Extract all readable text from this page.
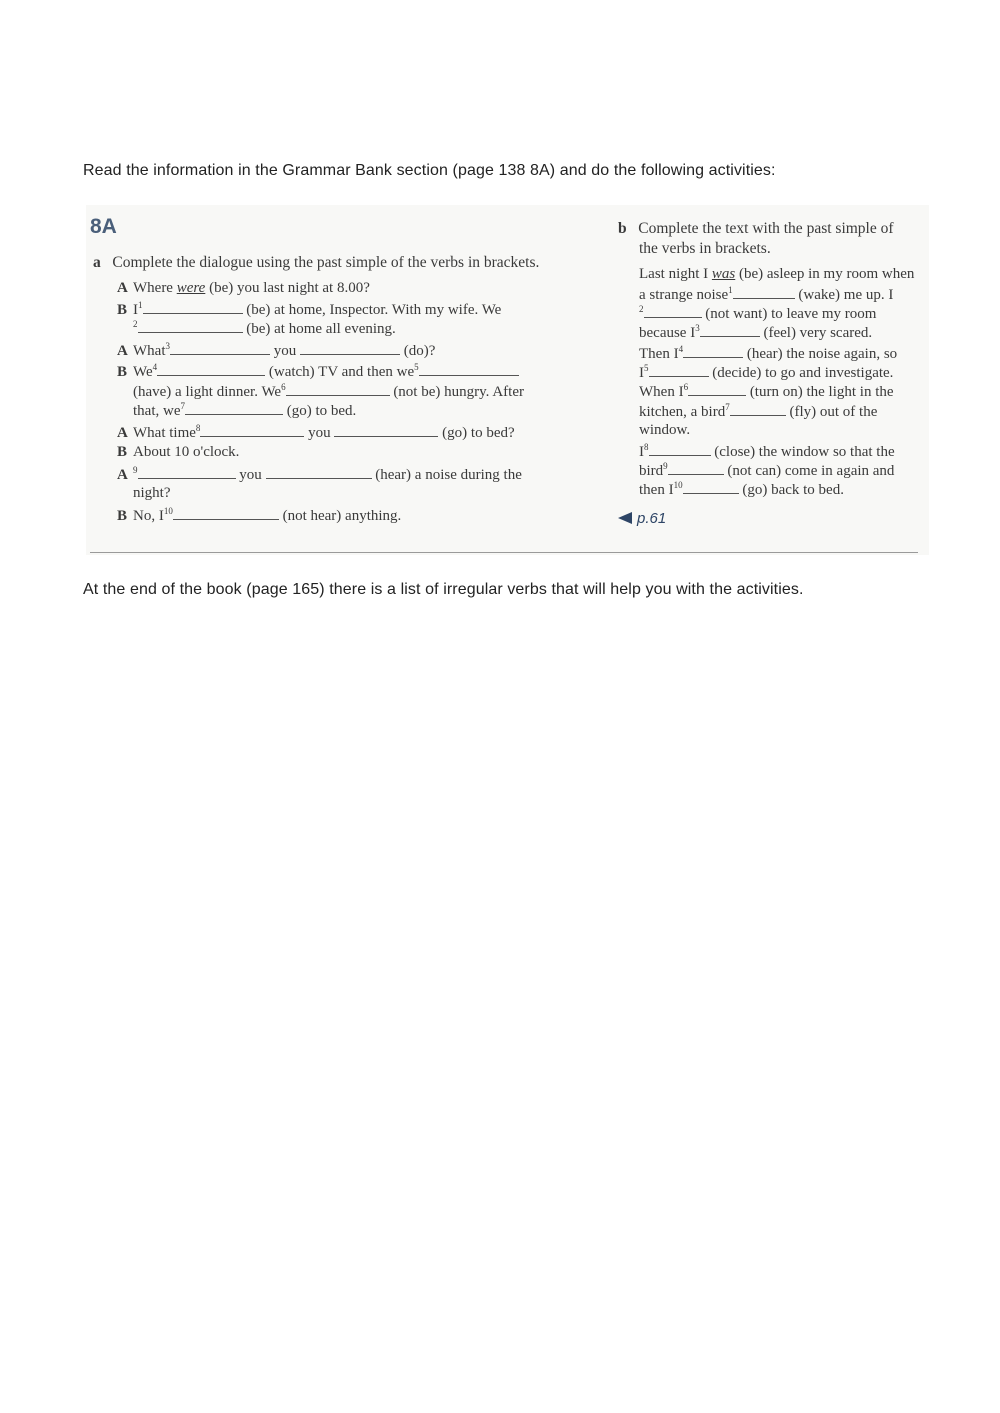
Read the information in the Grammar Bank section (page 138 8A) and do the following activities:
8A
a Complete the dialogue using the past simple of the verbs in brackets.
A Where were (be) you last night at 8.00?
B $I^1$	(be) at home, Inspector. With my wife. We
$^2$	(be) at home all evening.
A What$^3$	you	(do)?
B We$^4$	(watch) TV and then $we^5$
(have) a light dinner. We$^6$	(not be) hungry. After
that, $we^7$	(go) to bed.
A What time$^8$	you	(go) to bed?
B About 10 o'clock.
A $^9$	you	(hear) a noise during the
night?
B No, $I^{10}$	(not hear) anything.
b Complete the text with the past simple of
the verbs in brackets.
Last night I was (be) asleep in my room when
a strange noise$^1$	(wake) me up. I
$^2$	(not want) to leave my room
because $I^3$	(feel) very scared.
Then $I^4$	(hear) the noise again, so
$I^5$	(decide) to go and investigate.
When $I^6$	(turn on) the light in the
kitchen, a bird$^7$	(fly) out of the
window.
$I^8$	(close) the window so that the
bird$^9$	(not can) come in again and
then $I^{10}$	(go) back to bed.
p.61
At the end of the book (page 165) there is a list of irregular verbs that will help you with the activities.
